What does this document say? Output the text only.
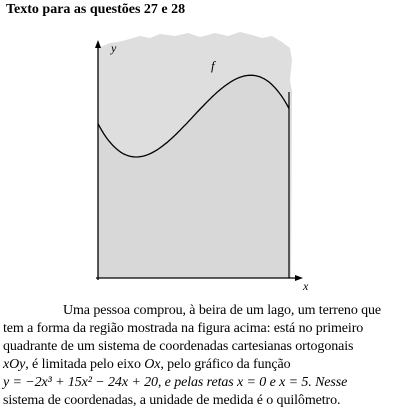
Texto para as questões 27 e 28
y
x
f
Uma pessoa comprou, à beira de um lago, um terreno que
tem a forma da região mostrada na figura acima: está no primeiro
quadrante de um sistema de coordenadas cartesianas ortogonais
xOy, é limitada pelo eixo Ox, pelo gráfico da função
y = −2x³ + 15x² − 24x + 20, e pelas retas x = 0 e x = 5. Nesse
sistema de coordenadas, a unidade de medida é o quilômetro.
